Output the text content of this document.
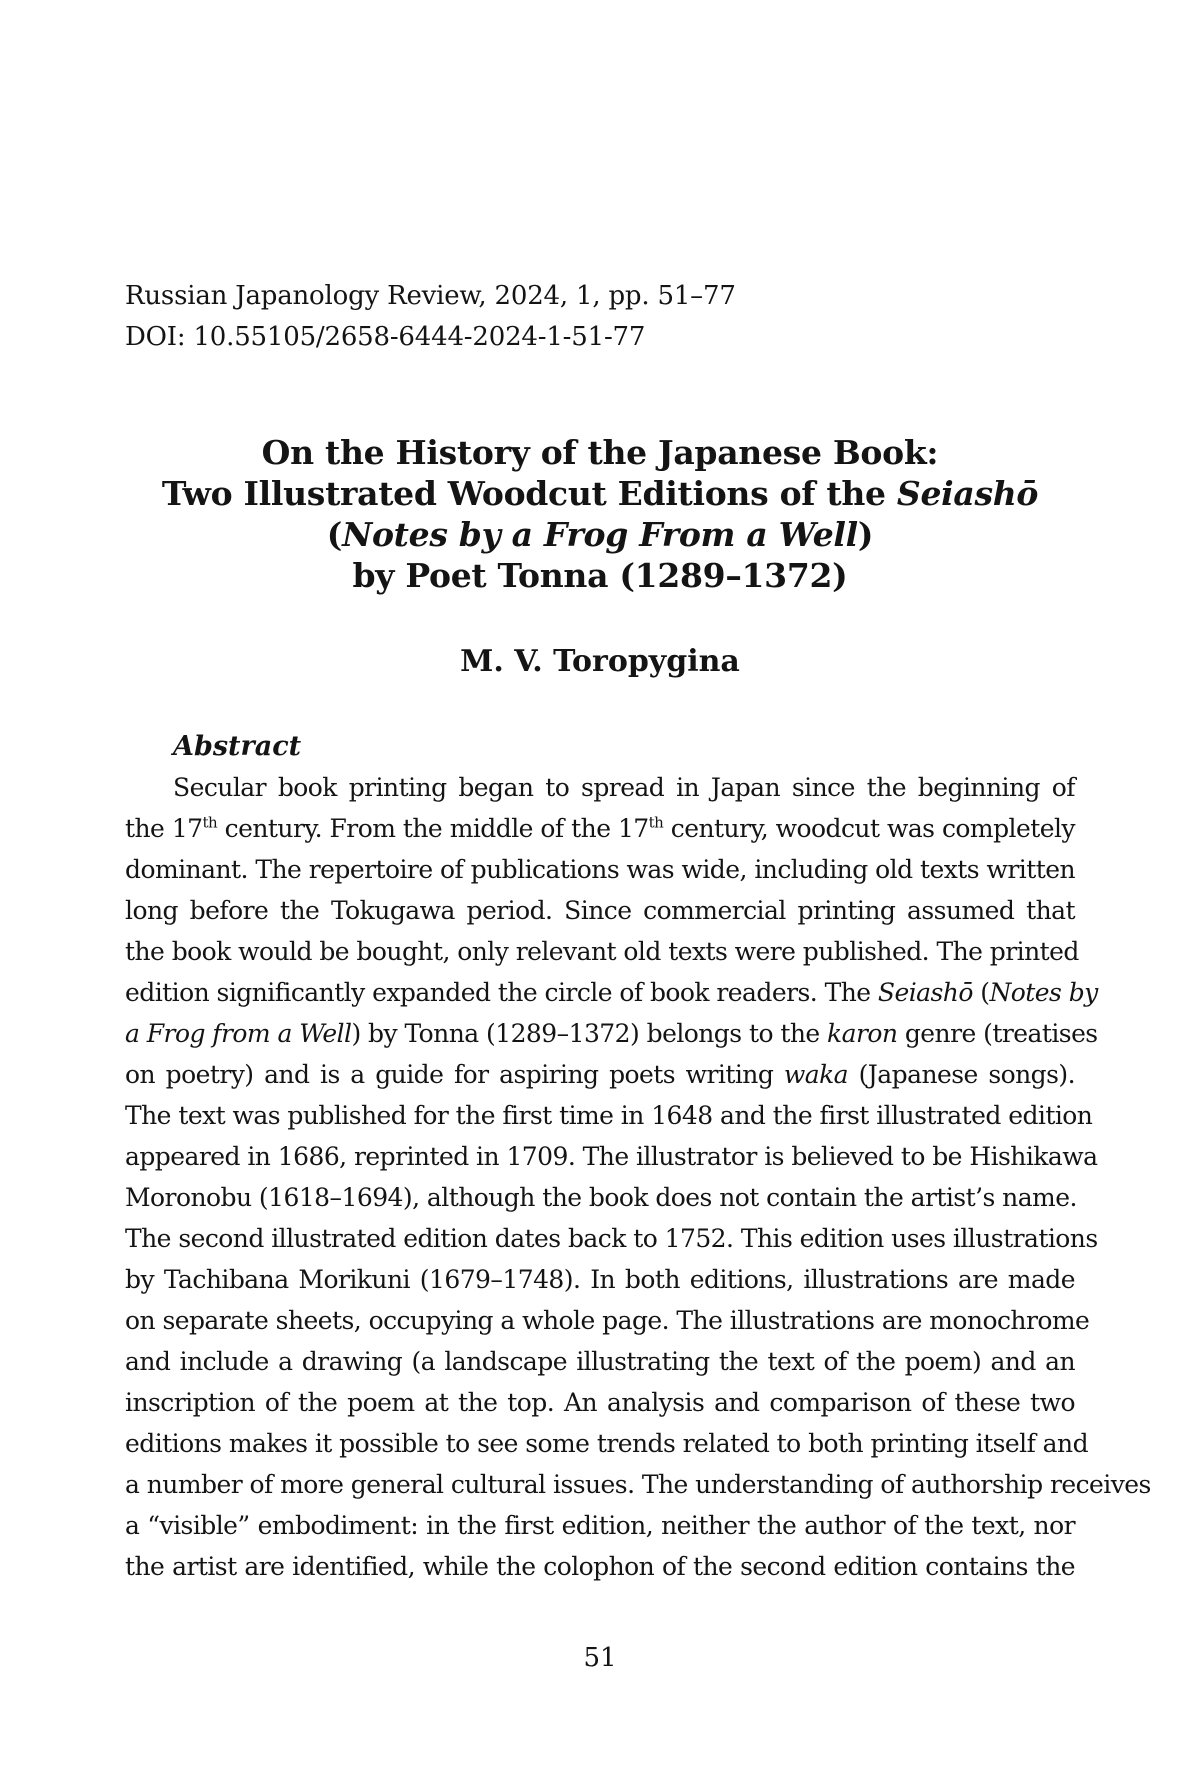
Russian Japanology Review, 2024, 1, pp. 51–77
DOI: 10.55105/2658-6444-2024-1-51-77
On the History of the Japanese Book:
Two Illustrated Woodcut Editions of the Seiashō
(Notes by a Frog From a Well)
by Poet Tonna (1289–1372)
M. V. Toropygina
Abstract
Secular book printing began to spread in Japan since the beginning of
the 17th century. From the middle of the 17th century, woodcut was completely
dominant. The repertoire of publications was wide, including old texts written
long before the Tokugawa period. Since commercial printing assumed that
the book would be bought, only relevant old texts were published. The printed
edition significantly expanded the circle of book readers. The Seiashō (Notes by
a Frog from a Well) by Tonna (1289–1372) belongs to the karon genre (treatises
on poetry) and is a guide for aspiring poets writing waka (Japanese songs).
The text was published for the first time in 1648 and the first illustrated edition
appeared in 1686, reprinted in 1709. The illustrator is believed to be Hishikawa
Moronobu (1618–1694), although the book does not contain the artist’s name.
The second illustrated edition dates back to 1752. This edition uses illustrations
by Tachibana Morikuni (1679–1748). In both editions, illustrations are made
on separate sheets, occupying a whole page. The illustrations are monochrome
and include a drawing (a landscape illustrating the text of the poem) and an
inscription of the poem at the top. An analysis and comparison of these two
editions makes it possible to see some trends related to both printing itself and
a number of more general cultural issues. The understanding of authorship receives
a “visible” embodiment: in the first edition, neither the author of the text, nor
the artist are identified, while the colophon of the second edition contains the
51
